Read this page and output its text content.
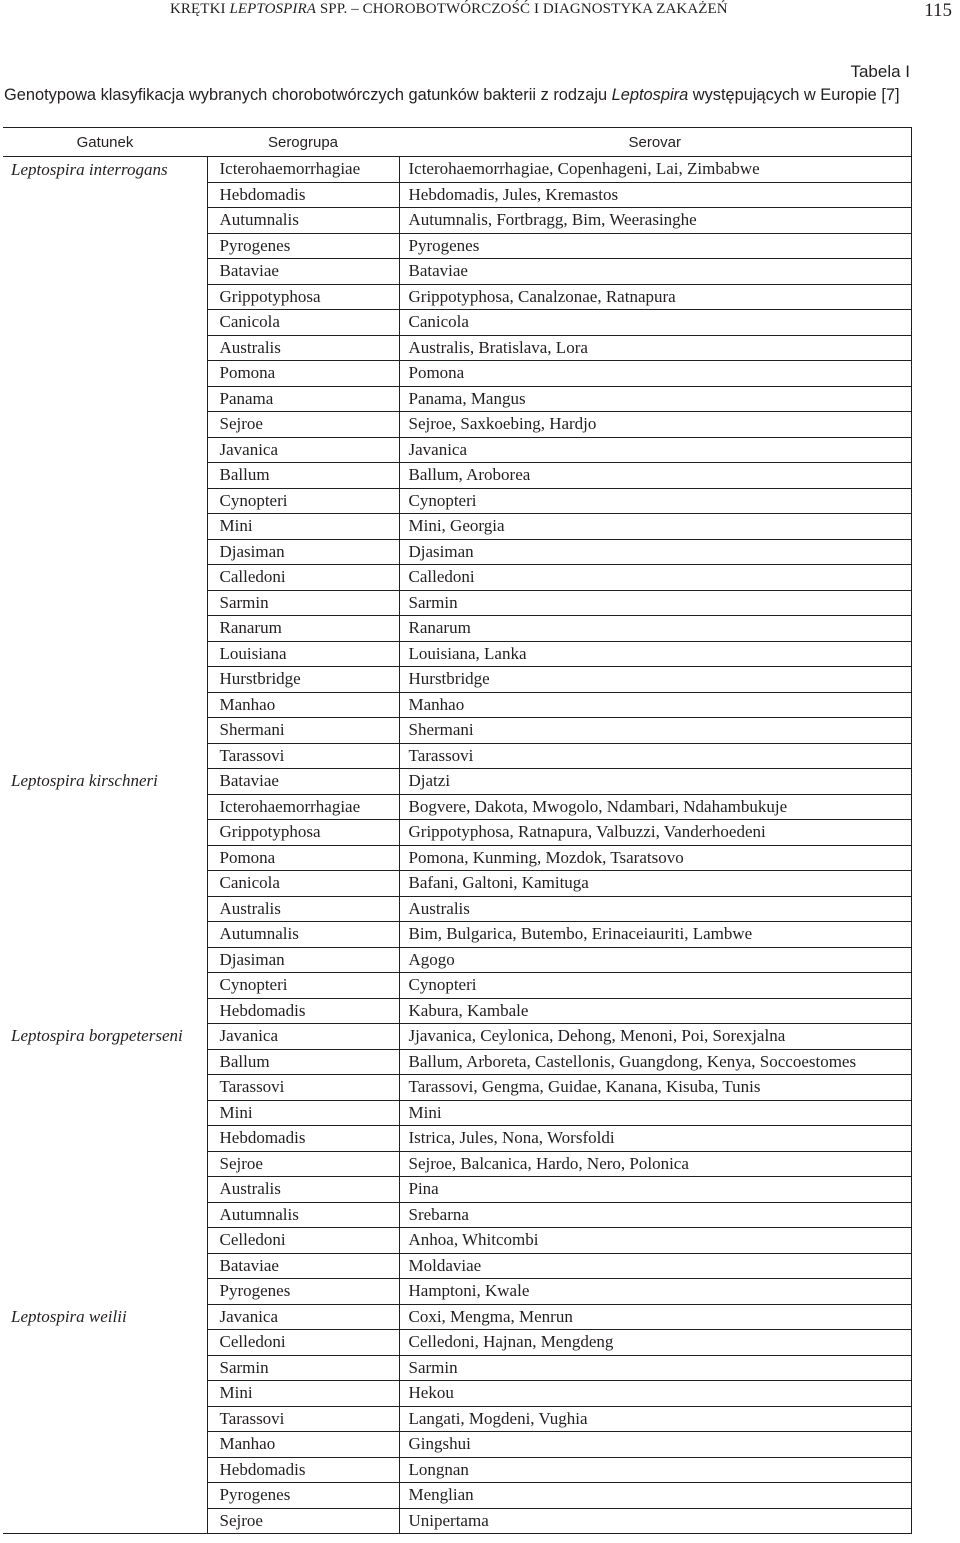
KRĘTKI LEPTOSPIRA SPP. – CHOROBOTWÓRCZOŚĆ I DIAGNOSTYKA ZAKAŻEŃ	115
Tabela I
Genotypowa klasyfikacja wybranych chorobotwórczych gatunków bakterii z rodzaju Leptospira występujących w Europie [7]
Gatunek	Serogrupa	Serovar
Leptospira interrogans	Icterohaemorrhagiae	Icterohaemorrhagiae, Copenhageni, Lai, Zimbabwe
	Hebdomadis	Hebdomadis, Jules, Kremastos
	Autumnalis	Autumnalis, Fortbragg, Bim, Weerasinghe
	Pyrogenes	Pyrogenes
	Bataviae	Bataviae
	Grippotyphosa	Grippotyphosa, Canalzonae, Ratnapura
	Canicola	Canicola
	Australis	Australis, Bratislava, Lora
	Pomona	Pomona
	Panama	Panama, Mangus
	Sejroe	Sejroe, Saxkoebing, Hardjo
	Javanica	Javanica
	Ballum	Ballum, Aroborea
	Cynopteri	Cynopteri
	Mini	Mini, Georgia
	Djasiman	Djasiman
	Calledoni	Calledoni
	Sarmin	Sarmin
	Ranarum	Ranarum
	Louisiana	Louisiana, Lanka
	Hurstbridge	Hurstbridge
	Manhao	Manhao
	Shermani	Shermani
	Tarassovi	Tarassovi
Leptospira kirschneri	Bataviae	Djatzi
	Icterohaemorrhagiae	Bogvere, Dakota, Mwogolo, Ndambari, Ndahambukuje
	Grippotyphosa	Grippotyphosa, Ratnapura, Valbuzzi, Vanderhoedeni
	Pomona	Pomona, Kunming, Mozdok, Tsaratsovo
	Canicola	Bafani, Galtoni, Kamituga
	Australis	Australis
	Autumnalis	Bim, Bulgarica, Butembo, Erinaceiauriti, Lambwe
	Djasiman	Agogo
	Cynopteri	Cynopteri
	Hebdomadis	Kabura, Kambale
Leptospira borgpeterseni	Javanica	Jjavanica, Ceylonica, Dehong, Menoni, Poi, Sorexjalna
	Ballum	Ballum, Arboreta, Castellonis, Guangdong, Kenya, Soccoestomes
	Tarassovi	Tarassovi, Gengma, Guidae, Kanana, Kisuba, Tunis
	Mini	Mini
	Hebdomadis	Istrica, Jules, Nona, Worsfoldi
	Sejroe	Sejroe, Balcanica, Hardo, Nero, Polonica
	Australis	Pina
	Autumnalis	Srebarna
	Celledoni	Anhoa, Whitcombi
	Bataviae	Moldaviae
	Pyrogenes	Hamptoni, Kwale
Leptospira weilii	Javanica	Coxi, Mengma, Menrun
	Celledoni	Celledoni, Hajnan, Mengdeng
	Sarmin	Sarmin
	Mini	Hekou
	Tarassovi	Langati, Mogdeni, Vughia
	Manhao	Gingshui
	Hebdomadis	Longnan
	Pyrogenes	Menglian
	Sejroe	Unipertama
